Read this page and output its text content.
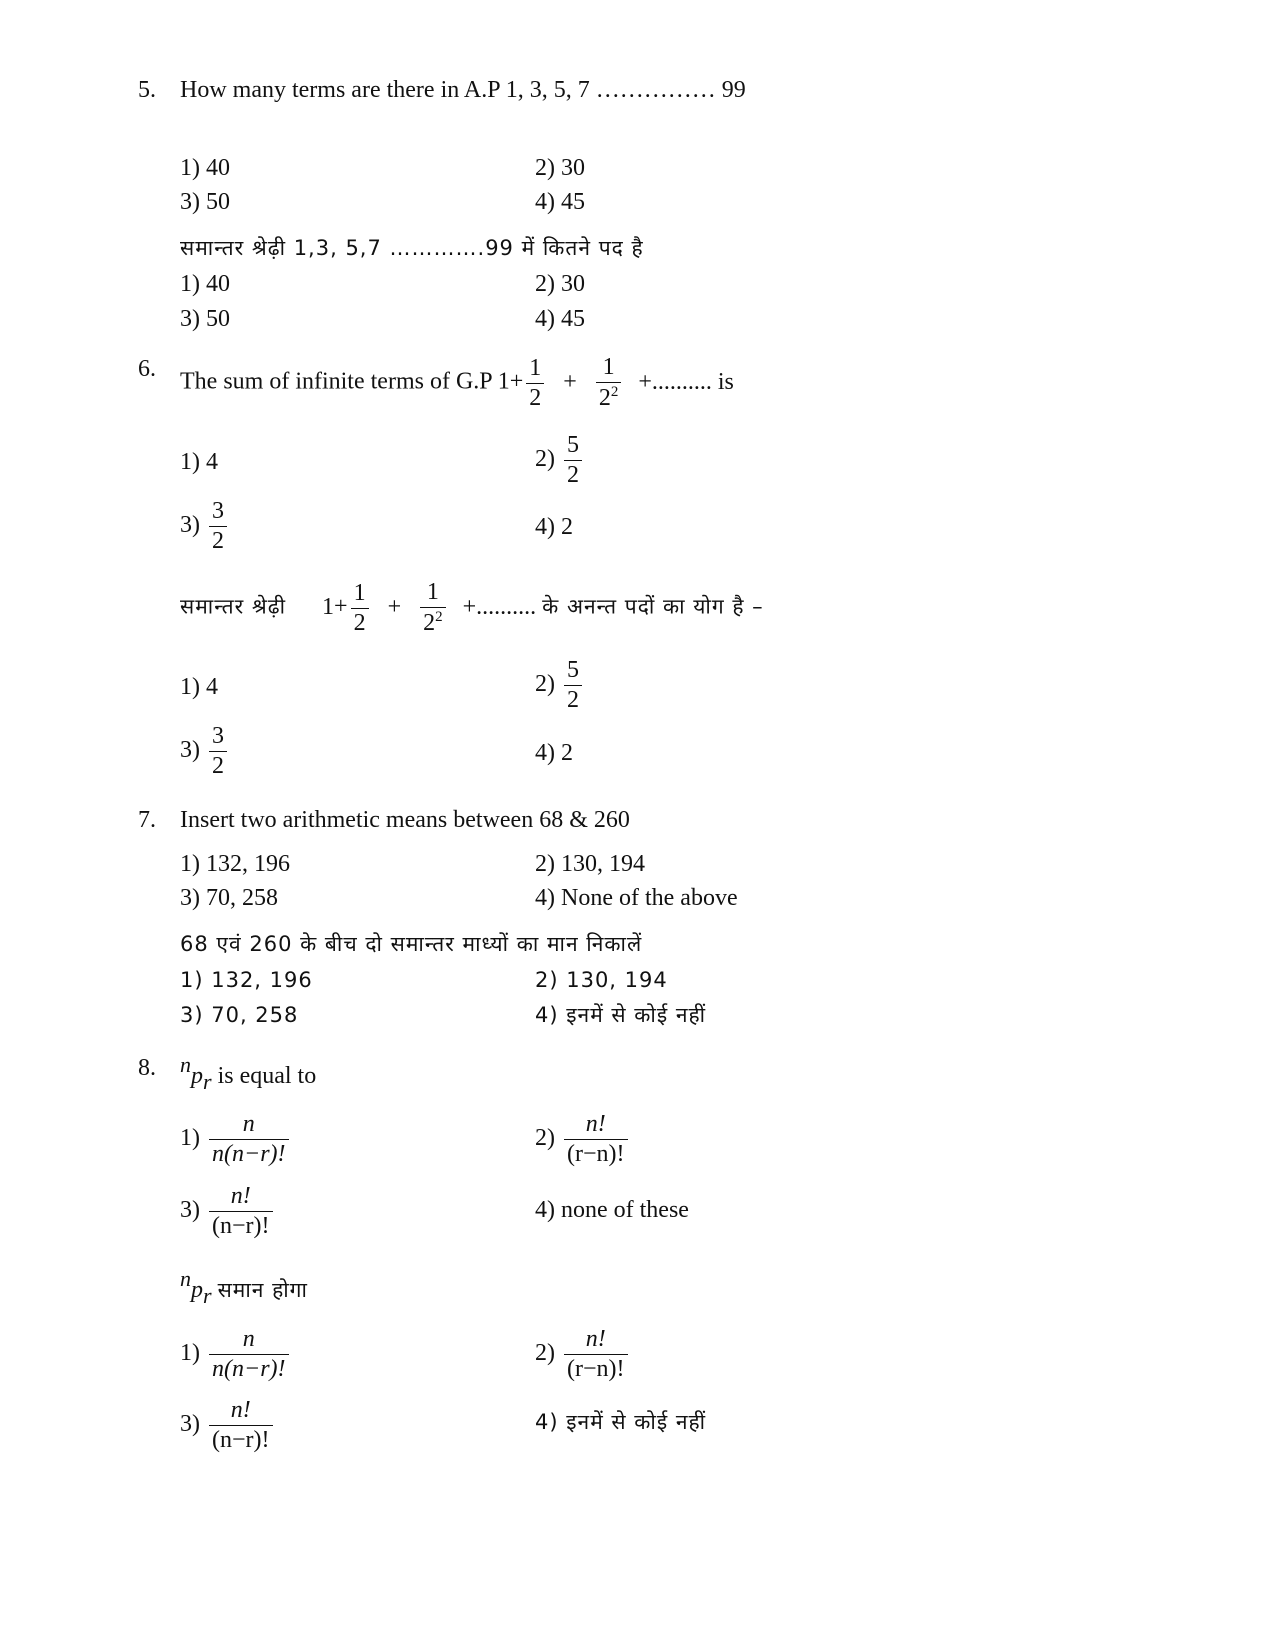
5. How many terms are there in A.P 1, 3, 5, 7 …………… 99
1) 40	2) 30
3) 50	4) 45
समान्तर श्रेढ़ी 1,3, 5,7 ………….99 में कितने पद है
1) 40	2) 30
3) 50	4) 45
6. The sum of infinite terms of G.P $1+ \frac{1}{2} + \frac{1}{2^2}$ +.......... is
1) 4	$2) \frac{5}{2}$
$3) \frac{3}{2}$	4) 2
समान्तर श्रेढ़ी $1+ \frac{1}{2} + \frac{1}{2^2}$ +.......... के अनन्त पदों का योग है –
1) 4	$2) \frac{5}{2}$
$3) \frac{3}{2}$	4) 2
7. Insert two arithmetic means between 68 & 260
1) 132, 196	2) 130, 194
3) 70, 258	4) None of the above
68 एवं 260 के बीच दो समान्तर माध्यों का मान निकालें
1) 132, 196	2) 130, 194
3) 70, 258	4) इनमें से कोई नहीं
8. $^np_r$ is equal to
$1) \frac{n}{n(n-r)!}$	$2) \frac{n!}{(r-n)!}$
$3) \frac{n!}{(n-r)!}$	4) none of these
$^np_r$ समान होगा
$1) \frac{n}{n(n-r)!}$	$2) \frac{n!}{(r-n)!}$
$3) \frac{n!}{(n-r)!}$	4) इनमें से कोई नहीं
